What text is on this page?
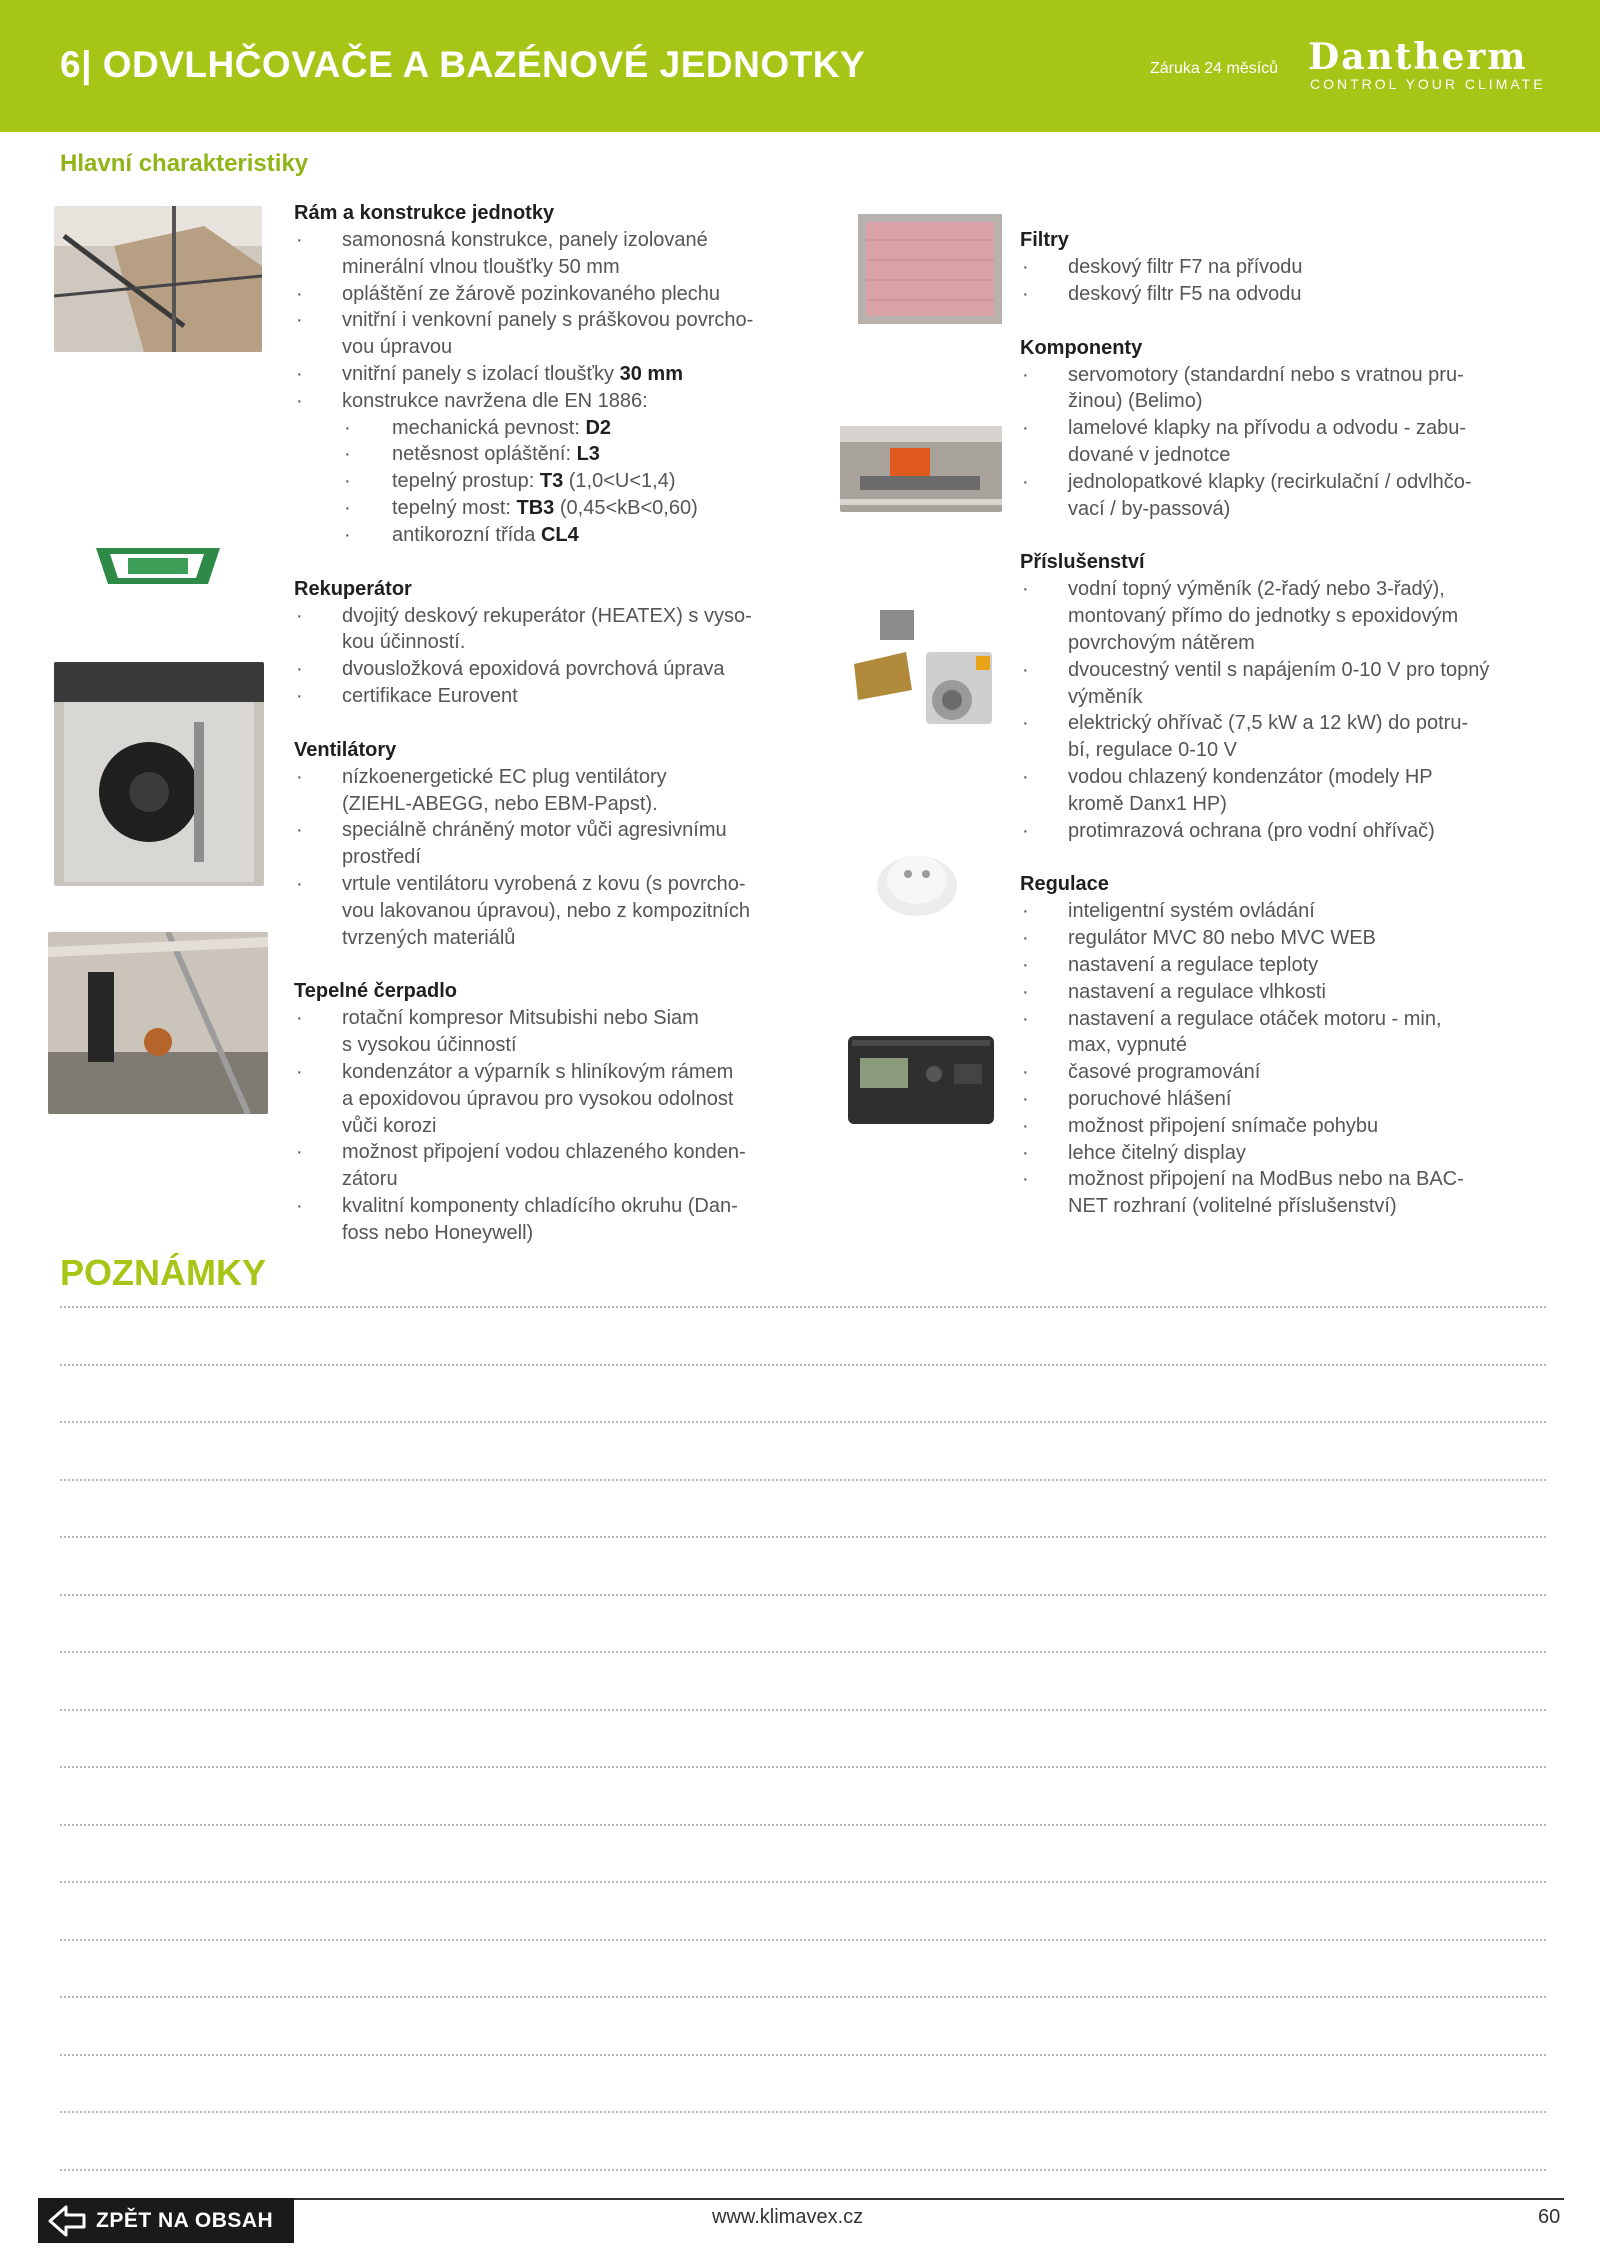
6| ODVLHČOVAČE A BAZÉNOVÉ JEDNOTKY	Záruka 24 měsíců Dantherm
CONTROL YOUR CLIMATE
Hlavní charakteristiky
Rám a konstrukce jednotky
· samonosná konstrukce, panely izolované
minerální vlnou tloušťky 50 mm
· opláštění ze žárově pozinkovaného plechu
· vnitřní i venkovní panely s práškovou povrcho-
vou úpravou
· vnitřní panely s izolací tloušťky 30 mm
· konstrukce navržena dle EN 1886:
· mechanická pevnost: D2
· netěsnost opláštění: L3
· tepelný prostup: T3 (1,0<U<1,4)
· tepelný most: TB3 (0,45<kB<0,60)
· antikorozní třída CL4
Rekuperátor
· dvojitý deskový rekuperátor (HEATEX) s vyso-
kou účinností.
· dvousložková epoxidová povrchová úprava
· certifikace Eurovent
Ventilátory
· nízkoenergetické EC plug ventilátory
(ZIEHL-ABEGG, nebo EBM-Papst).
· speciálně chráněný motor vůči agresivnímu
prostředí
· vrtule ventilátoru vyrobená z kovu (s povrcho-
vou lakovanou úpravou), nebo z kompozitních
tvrzených materiálů
Tepelné čerpadlo
· rotační kompresor Mitsubishi nebo Siam
s vysokou účinností
· kondenzátor a výparník s hliníkovým rámem
a epoxidovou úpravou pro vysokou odolnost
vůči korozi
· možnost připojení vodou chlazeného konden-
zátoru
· kvalitní komponenty chladícího okruhu (Dan-
foss nebo Honeywell)
Filtry
· deskový filtr F7 na přívodu
· deskový filtr F5 na odvodu
Komponenty
· servomotory (standardní nebo s vratnou pru-
žinou) (Belimo)
· lamelové klapky na přívodu a odvodu - zabu-
dované v jednotce
· jednolopatkové klapky (recirkulační / odvlhčo-
vací / by-passová)
Příslušenství
· vodní topný výměník (2-řadý nebo 3-řadý),
montovaný přímo do jednotky s epoxidovým
povrchovým nátěrem
· dvoucestný ventil s napájením 0-10 V pro topný
výměník
· elektrický ohřívač (7,5 kW a 12 kW) do potru-
bí, regulace 0-10 V
· vodou chlazený kondenzátor (modely HP
kromě Danx1 HP)
· protimrazová ochrana (pro vodní ohřívač)
Regulace
· inteligentní systém ovládání
· regulátor MVC 80 nebo MVC WEB
· nastavení a regulace teploty
· nastavení a regulace vlhkosti
· nastavení a regulace otáček motoru - min,
max, vypnuté
· časové programování
· poruchové hlášení
· možnost připojení snímače pohybu
· lehce čitelný display
· možnost připojení na ModBus nebo na BAC-
NET rozhraní (volitelné příslušenství)
POZNÁMKY
ZPĚT NA OBSAH	www.klimavex.cz	60
